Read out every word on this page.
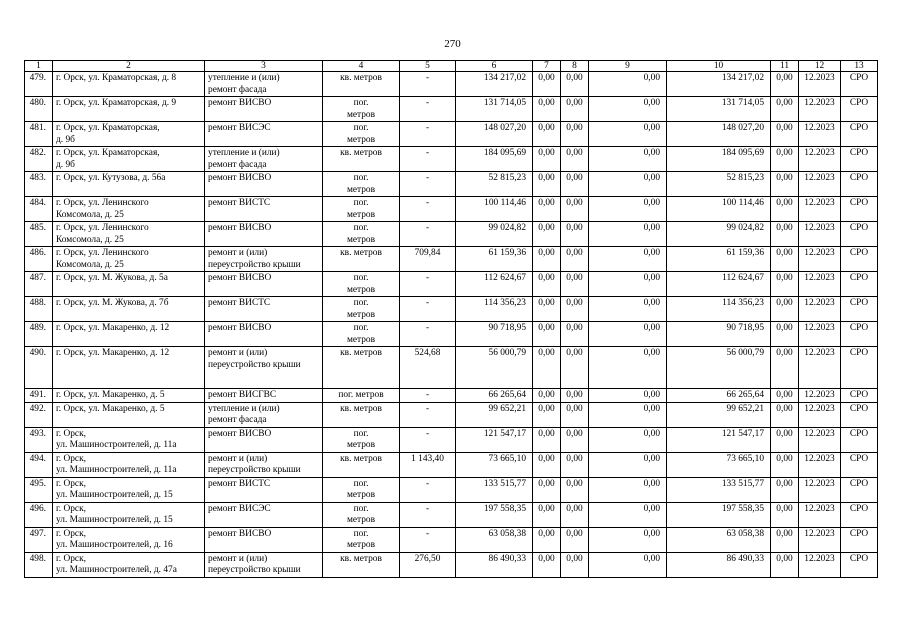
270
1	2	3	4	5	6	7	8	9	10	11	12	13
479.	г. Орск, ул. Краматорская, д. 8	утепление и (или)
ремонт фасада	кв. метров	-	134 217,02	0,00	0,00	0,00	134 217,02	0,00	12.2023	СРО
480.	г. Орск, ул. Краматорская, д. 9	ремонт ВИСВО	пог.
метров	-	131 714,05	0,00	0,00	0,00	131 714,05	0,00	12.2023	СРО
481.	г. Орск, ул. Краматорская,
д. 9б	ремонт ВИСЭС	пог.
метров	-	148 027,20	0,00	0,00	0,00	148 027,20	0,00	12.2023	СРО
482.	г. Орск, ул. Краматорская,
д. 9б	утепление и (или)
ремонт фасада	кв. метров	-	184 095,69	0,00	0,00	0,00	184 095,69	0,00	12.2023	СРО
483.	г. Орск, ул. Кутузова, д. 56а	ремонт ВИСВО	пог.
метров	-	52 815,23	0,00	0,00	0,00	52 815,23	0,00	12.2023	СРО
484.	г. Орск, ул. Ленинского
Комсомола, д. 25	ремонт ВИСТС	пог.
метров	-	100 114,46	0,00	0,00	0,00	100 114,46	0,00	12.2023	СРО
485.	г. Орск, ул. Ленинского
Комсомола, д. 25	ремонт ВИСВО	пог.
метров	-	99 024,82	0,00	0,00	0,00	99 024,82	0,00	12.2023	СРО
486.	г. Орск, ул. Ленинского
Комсомола, д. 25	ремонт и (или)
переустройство крыши	кв. метров	709,84	61 159,36	0,00	0,00	0,00	61 159,36	0,00	12.2023	СРО
487.	г. Орск, ул. М. Жукова, д. 5а	ремонт ВИСВО	пог.
метров	-	112 624,67	0,00	0,00	0,00	112 624,67	0,00	12.2023	СРО
488.	г. Орск, ул. М. Жукова, д. 7б	ремонт ВИСТС	пог.
метров	-	114 356,23	0,00	0,00	0,00	114 356,23	0,00	12.2023	СРО
489.	г. Орск, ул. Макаренко, д. 12	ремонт ВИСВО	пог.
метров	-	90 718,95	0,00	0,00	0,00	90 718,95	0,00	12.2023	СРО
490.	г. Орск, ул. Макаренко, д. 12	ремонт и (или)
переустройство крыши	кв. метров	524,68	56 000,79	0,00	0,00	0,00	56 000,79	0,00	12.2023	СРО
491.	г. Орск, ул. Макаренко, д. 5	ремонт ВИСГВС	пог. метров	-	66 265,64	0,00	0,00	0,00	66 265,64	0,00	12.2023	СРО
492.	г. Орск, ул. Макаренко, д. 5	утепление и (или)
ремонт фасада	кв. метров	-	99 652,21	0,00	0,00	0,00	99 652,21	0,00	12.2023	СРО
493.	г. Орск,
ул. Машиностроителей, д. 11а	ремонт ВИСВО	пог.
метров	-	121 547,17	0,00	0,00	0,00	121 547,17	0,00	12.2023	СРО
494.	г. Орск,
ул. Машиностроителей, д. 11а	ремонт и (или)
переустройство крыши	кв. метров	1 143,40	73 665,10	0,00	0,00	0,00	73 665,10	0,00	12.2023	СРО
495.	г. Орск,
ул. Машиностроителей, д. 15	ремонт ВИСТС	пог.
метров	-	133 515,77	0,00	0,00	0,00	133 515,77	0,00	12.2023	СРО
496.	г. Орск,
ул. Машиностроителей, д. 15	ремонт ВИСЭС	пог.
метров	-	197 558,35	0,00	0,00	0,00	197 558,35	0,00	12.2023	СРО
497.	г. Орск,
ул. Машиностроителей, д. 16	ремонт ВИСВО	пог.
метров	-	63 058,38	0,00	0,00	0,00	63 058,38	0,00	12.2023	СРО
498.	г. Орск,
ул. Машиностроителей, д. 47а	ремонт и (или)
переустройство крыши	кв. метров	276,50	86 490,33	0,00	0,00	0,00	86 490,33	0,00	12.2023	СРО
